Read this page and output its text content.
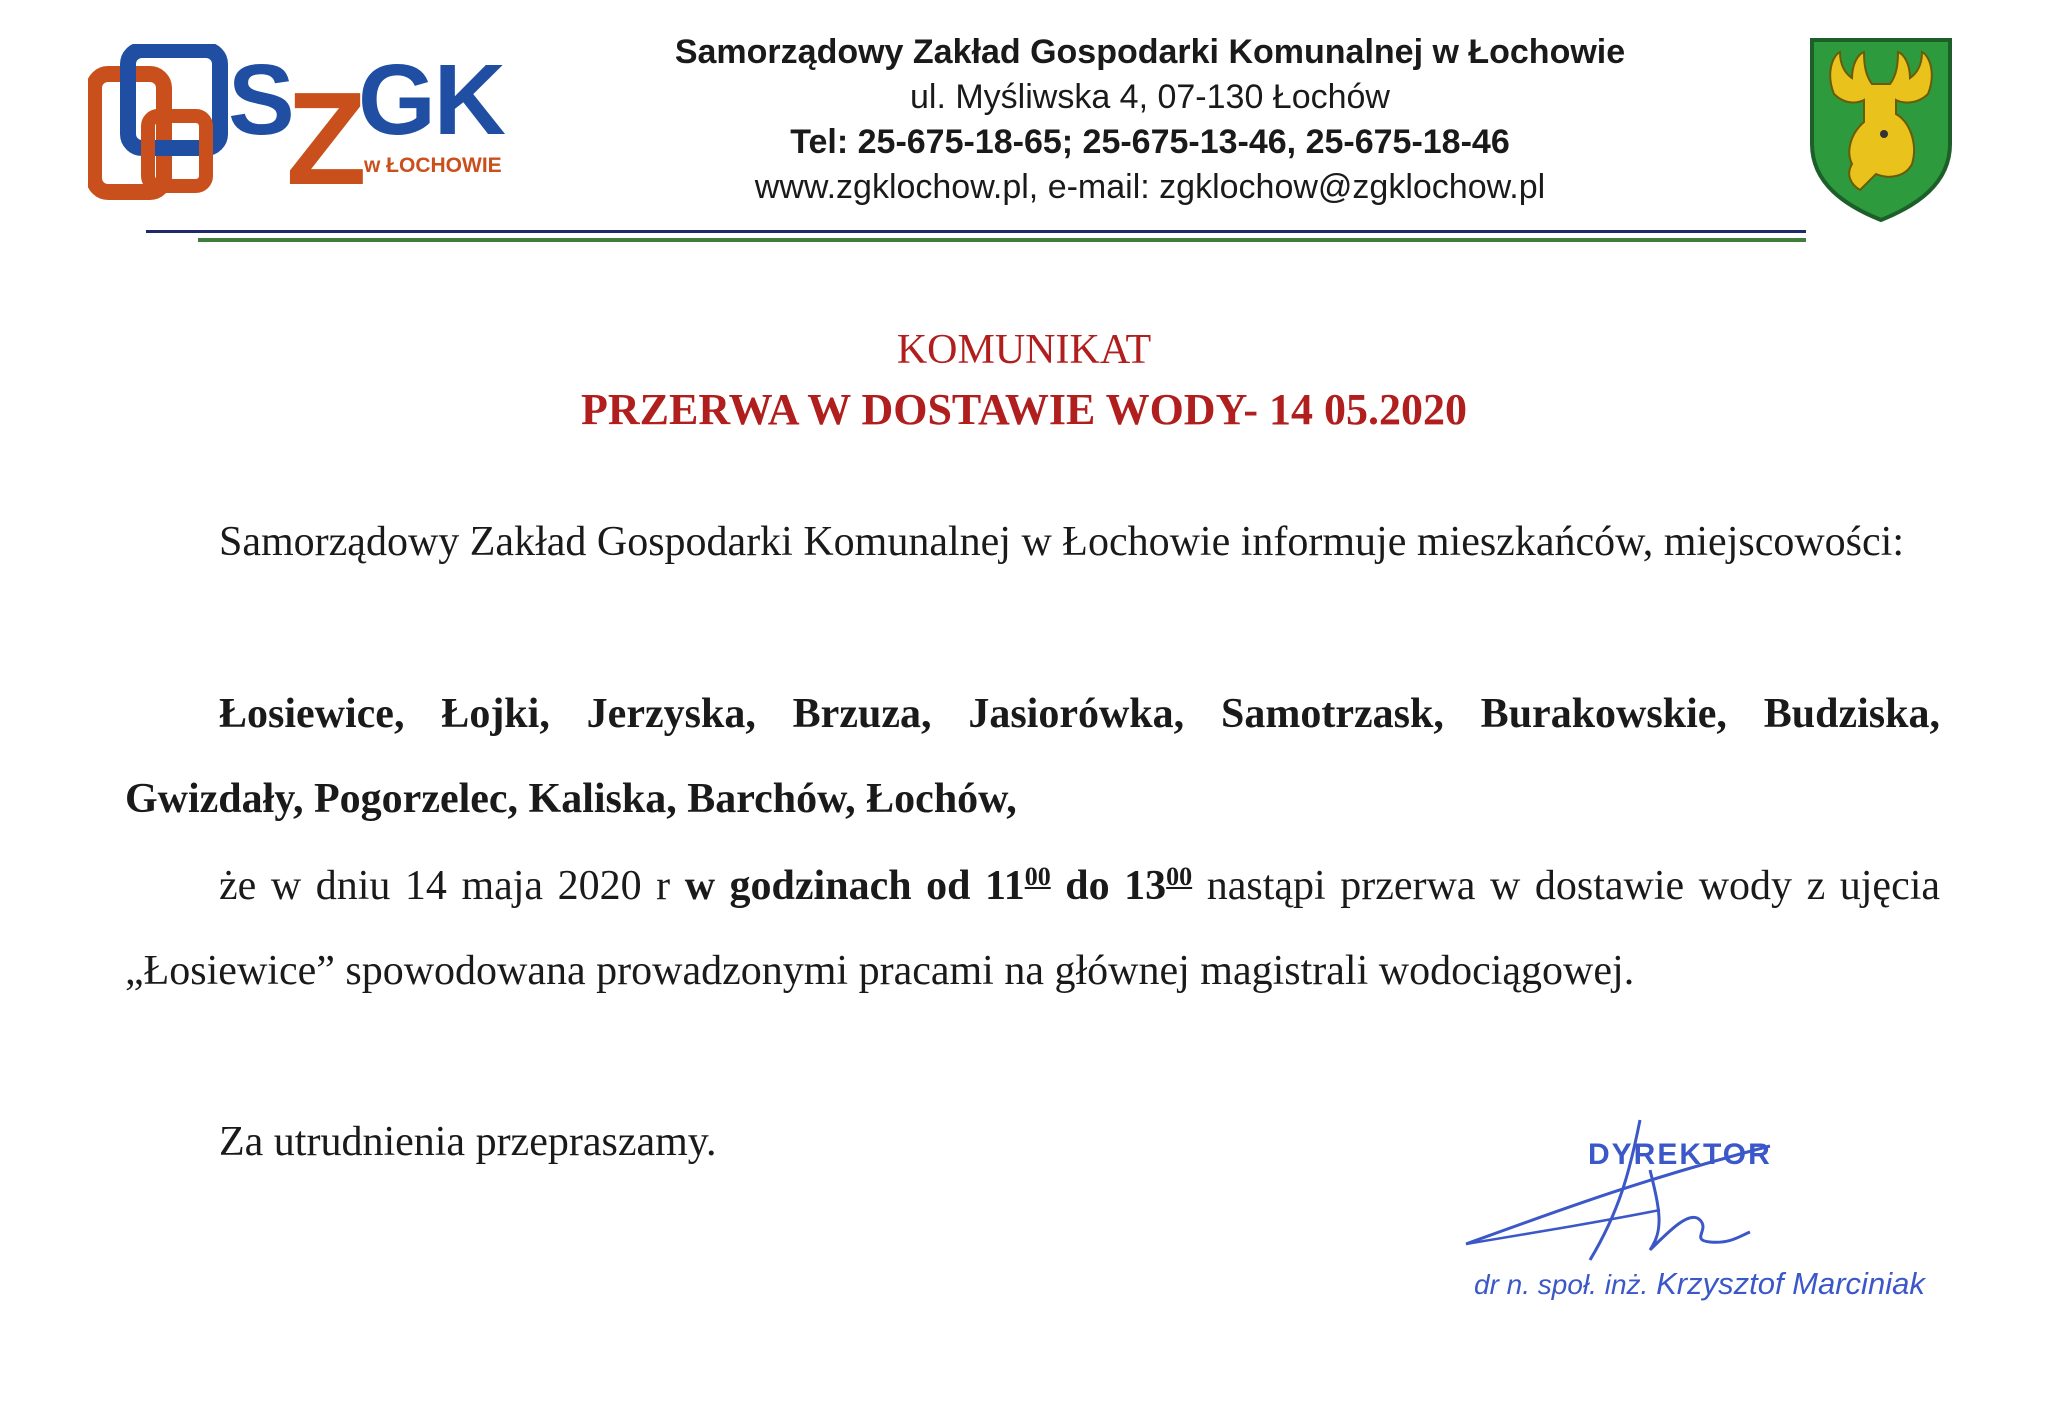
S
Z
GK
w ŁOCHOWIE
Samorządowy Zakład Gospodarki Komunalnej w Łochowie
ul. Myśliwska 4, 07-130 Łochów
Tel: 25-675-18-65; 25-675-13-46, 25-675-18-46
www.zgklochow.pl, e-mail: zgklochow@zgklochow.pl
KOMUNIKAT
PRZERWA W DOSTAWIE WODY- 14 05.2020
Samorządowy Zakład Gospodarki Komunalnej w Łochowie informuje mieszkańców, miejscowości:
Łosiewice, Łojki, Jerzyska, Brzuza, Jasiorówka, Samotrzask, Burakowskie, Budziska, Gwizdały, Pogorzelec, Kaliska, Barchów, Łochów,
że w dniu 14 maja 2020 r w godzinach od $11^{00}$ do $13^{00}$ nastąpi przerwa w dostawie wody z ujęcia „Łosiewice” spowodowana prowadzonymi pracami na głównej magistrali wodociągowej.
Za utrudnienia przepraszamy.	DYREKTOR
dr n. społ. inż. Krzysztof Marciniak
